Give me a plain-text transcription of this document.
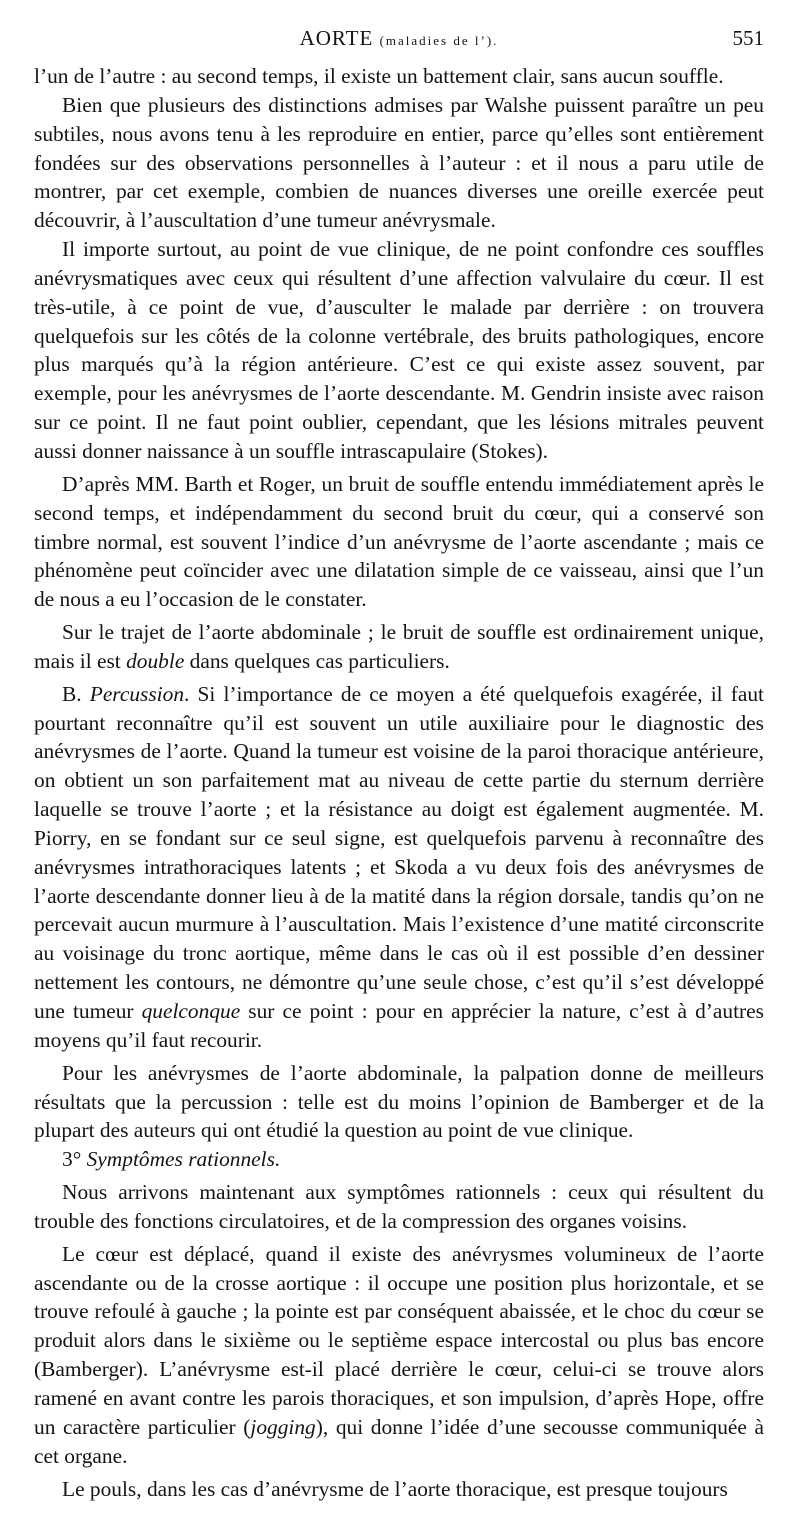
AORTE (maladies de l’).	551

l’un de l’autre : au second temps, il existe un battement clair, sans aucun souffle.

Bien que plusieurs des distinctions admises par Walshe puissent paraître un peu subtiles, nous avons tenu à les reproduire en entier, parce qu’elles sont entièrement fondées sur des observations personnelles à l’auteur : et il nous a paru utile de montrer, par cet exemple, combien de nuances diverses une oreille exercée peut découvrir, à l’auscultation d’une tumeur anévrysmale.

Il importe surtout, au point de vue clinique, de ne point confondre ces souffles anévrysmatiques avec ceux qui résultent d’une affection valvulaire du cœur. Il est très-utile, à ce point de vue, d’ausculter le malade par derrière : on trouvera quelquefois sur les côtés de la colonne vertébrale, des bruits pathologiques, encore plus marqués qu’à la région antérieure. C’est ce qui existe assez souvent, par exemple, pour les anévrysmes de l’aorte descendante. M. Gendrin insiste avec raison sur ce point. Il ne faut point oublier, cependant, que les lésions mitrales peuvent aussi donner naissance à un souffle intrascapulaire (Stokes).

D’après MM. Barth et Roger, un bruit de souffle entendu immédiatement après le second temps, et indépendamment du second bruit du cœur, qui a conservé son timbre normal, est souvent l’indice d’un anévrysme de l’aorte ascendante ; mais ce phénomène peut coïncider avec une dilatation simple de ce vaisseau, ainsi que l’un de nous a eu l’occasion de le constater.

Sur le trajet de l’aorte abdominale ; le bruit de souffle est ordinairement unique, mais il est double dans quelques cas particuliers.

B. Percussion. Si l’importance de ce moyen a été quelquefois exagérée, il faut pourtant reconnaître qu’il est souvent un utile auxiliaire pour le diagnostic des anévrysmes de l’aorte. Quand la tumeur est voisine de la paroi thoracique antérieure, on obtient un son parfaitement mat au niveau de cette partie du sternum derrière laquelle se trouve l’aorte ; et la résistance au doigt est également augmentée. M. Piorry, en se fondant sur ce seul signe, est quelquefois parvenu à reconnaître des anévrysmes intrathoraciques latents ; et Skoda a vu deux fois des anévrysmes de l’aorte descendante donner lieu à de la matité dans la région dorsale, tandis qu’on ne percevait aucun murmure à l’auscultation. Mais l’existence d’une matité circonscrite au voisinage du tronc aortique, même dans le cas où il est possible d’en dessiner nettement les contours, ne démontre qu’une seule chose, c’est qu’il s’est développé une tumeur quelconque sur ce point : pour en apprécier la nature, c’est à d’autres moyens qu’il faut recourir.

Pour les anévrysmes de l’aorte abdominale, la palpation donne de meilleurs résultats que la percussion : telle est du moins l’opinion de Bamberger et de la plupart des auteurs qui ont étudié la question au point de vue clinique.

3° Symptômes rationnels.

Nous arrivons maintenant aux symptômes rationnels : ceux qui résultent du trouble des fonctions circulatoires, et de la compression des organes voisins.

Le cœur est déplacé, quand il existe des anévrysmes volumineux de l’aorte ascendante ou de la crosse aortique : il occupe une position plus horizontale, et se trouve refoulé à gauche ; la pointe est par conséquent abaissée, et le choc du cœur se produit alors dans le sixième ou le septième espace intercostal ou plus bas encore (Bamberger). L’anévrysme est-il placé derrière le cœur, celui-ci se trouve alors ramené en avant contre les parois thoraciques, et son impulsion, d’après Hope, offre un caractère particulier (jogging), qui donne l’idée d’une secousse communiquée à cet organe.

Le pouls, dans les cas d’anévrysme de l’aorte thoracique, est presque toujours
